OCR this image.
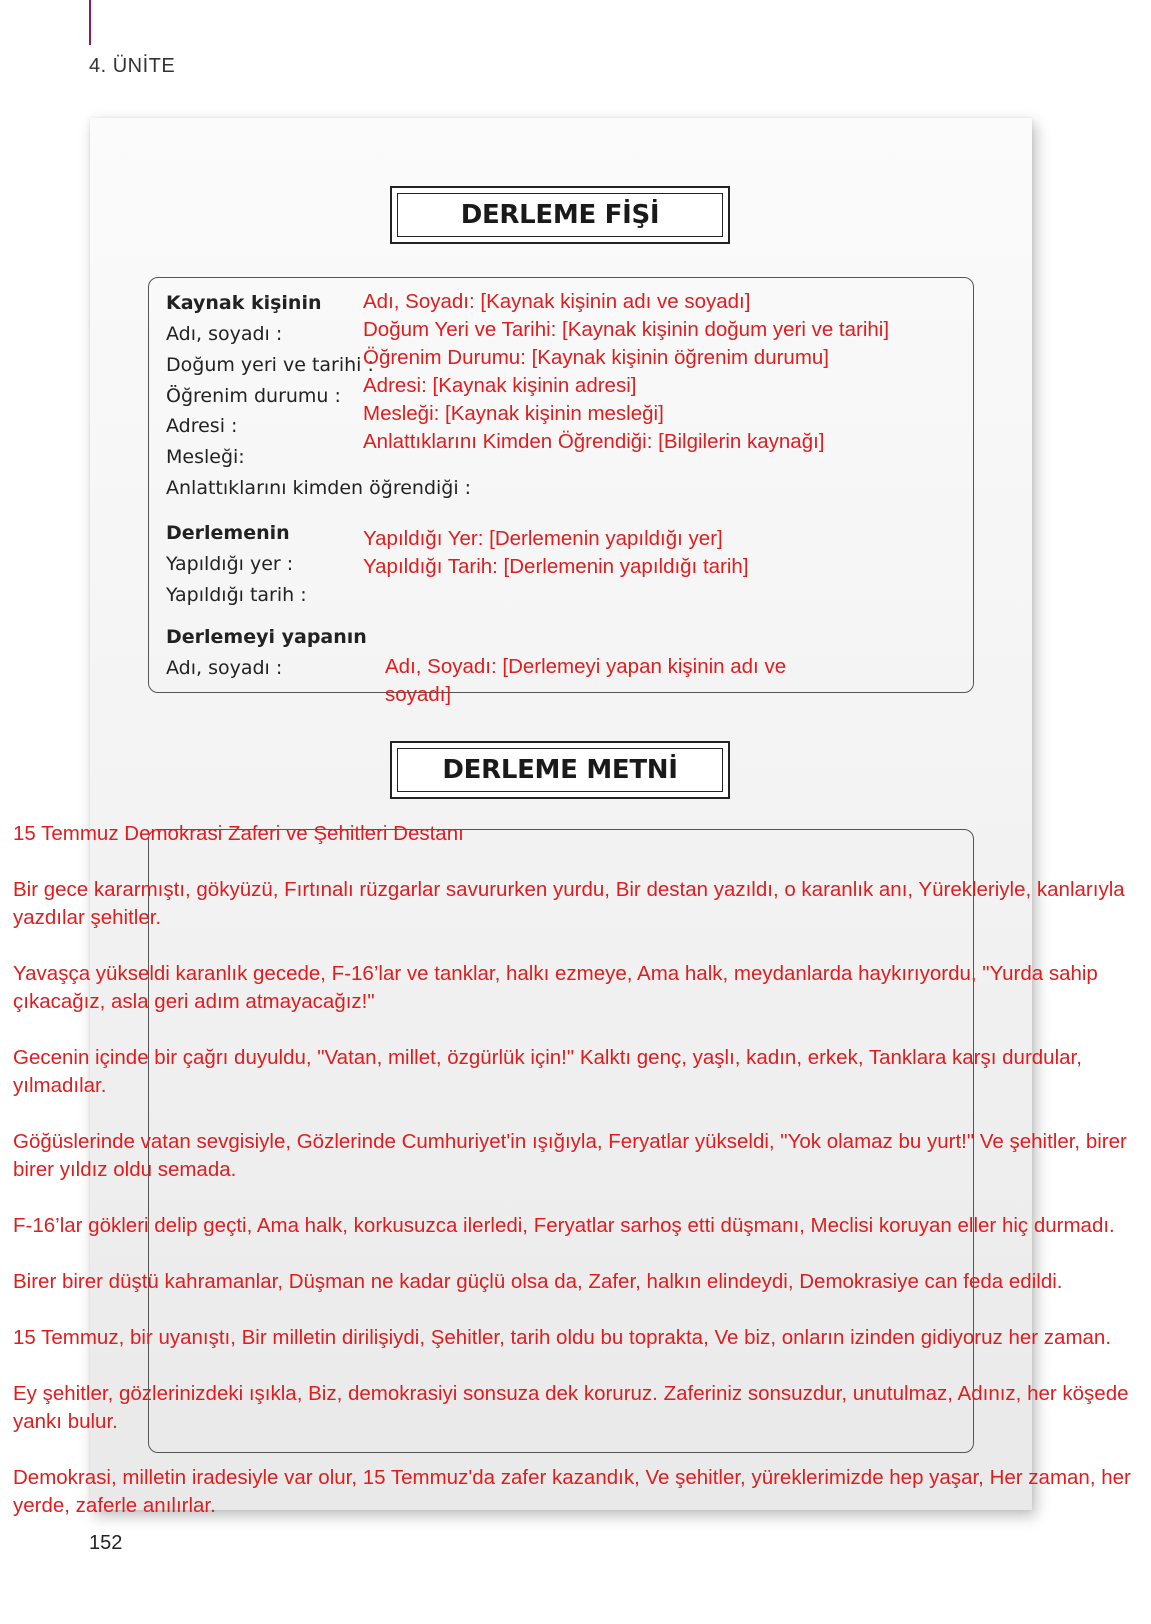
4. ÜNİTE
DERLEME FİŞİ
Kaynak kişinin
Adı, soyadı :
Doğum yeri ve tarihi :
Öğrenim durumu :
Adresi :
Mesleği:
Anlattıklarını kimden öğrendiği :
Adı, Soyadı: [Kaynak kişinin adı ve soyadı]
Doğum Yeri ve Tarihi: [Kaynak kişinin doğum yeri ve tarihi]
Öğrenim Durumu: [Kaynak kişinin öğrenim durumu]
Adresi: [Kaynak kişinin adresi]
Mesleği: [Kaynak kişinin mesleği]
Anlattıklarını Kimden Öğrendiği: [Bilgilerin kaynağı]
Derlemenin
Yapıldığı yer :
Yapıldığı tarih :
Yapıldığı Yer: [Derlemenin yapıldığı yer]
Yapıldığı Tarih: [Derlemenin yapıldığı tarih]
Derlemeyi yapanın
Adı, soyadı :	Adı, Soyadı: [Derlemeyi yapan kişinin adı ve
soyadı]
DERLEME METNİ

15 Temmuz Demokrasi Zaferi ve Şehitleri Destanı

Bir gece kararmıştı, gökyüzü, Fırtınalı rüzgarlar savururken yurdu, Bir destan yazıldı, o karanlık anı, Yürekleriyle, kanlarıyla yazdılar şehitler.

Yavaşça yükseldi karanlık gecede, F-16’lar ve tanklar, halkı ezmeye, Ama halk, meydanlarda haykırıyordu, "Yurda sahip çıkacağız, asla geri adım atmayacağız!"

Gecenin içinde bir çağrı duyuldu, "Vatan, millet, özgürlük için!" Kalktı genç, yaşlı, kadın, erkek, Tanklara karşı durdular, yılmadılar.

Göğüslerinde vatan sevgisiyle, Gözlerinde Cumhuriyet'in ışığıyla, Feryatlar yükseldi, "Yok olamaz bu yurt!" Ve şehitler, birer birer yıldız oldu semada.

F-16’lar gökleri delip geçti, Ama halk, korkusuzca ilerledi, Feryatlar sarhoş etti düşmanı, Meclisi koruyan eller hiç durmadı.

Birer birer düştü kahramanlar, Düşman ne kadar güçlü olsa da, Zafer, halkın elindeydi, Demokrasiye can feda edildi.

15 Temmuz, bir uyanıştı, Bir milletin dirilişiydi, Şehitler, tarih oldu bu toprakta, Ve biz, onların izinden gidiyoruz her zaman.

Ey şehitler, gözlerinizdeki ışıkla, Biz, demokrasiyi sonsuza dek koruruz. Zaferiniz sonsuzdur, unutulmaz, Adınız, her köşede yankı bulur.

Demokrasi, milletin iradesiyle var olur, 15 Temmuz'da zafer kazandık, Ve şehitler, yüreklerimizde hep yaşar, Her zaman, her yerde, zaferle anılırlar.

152
